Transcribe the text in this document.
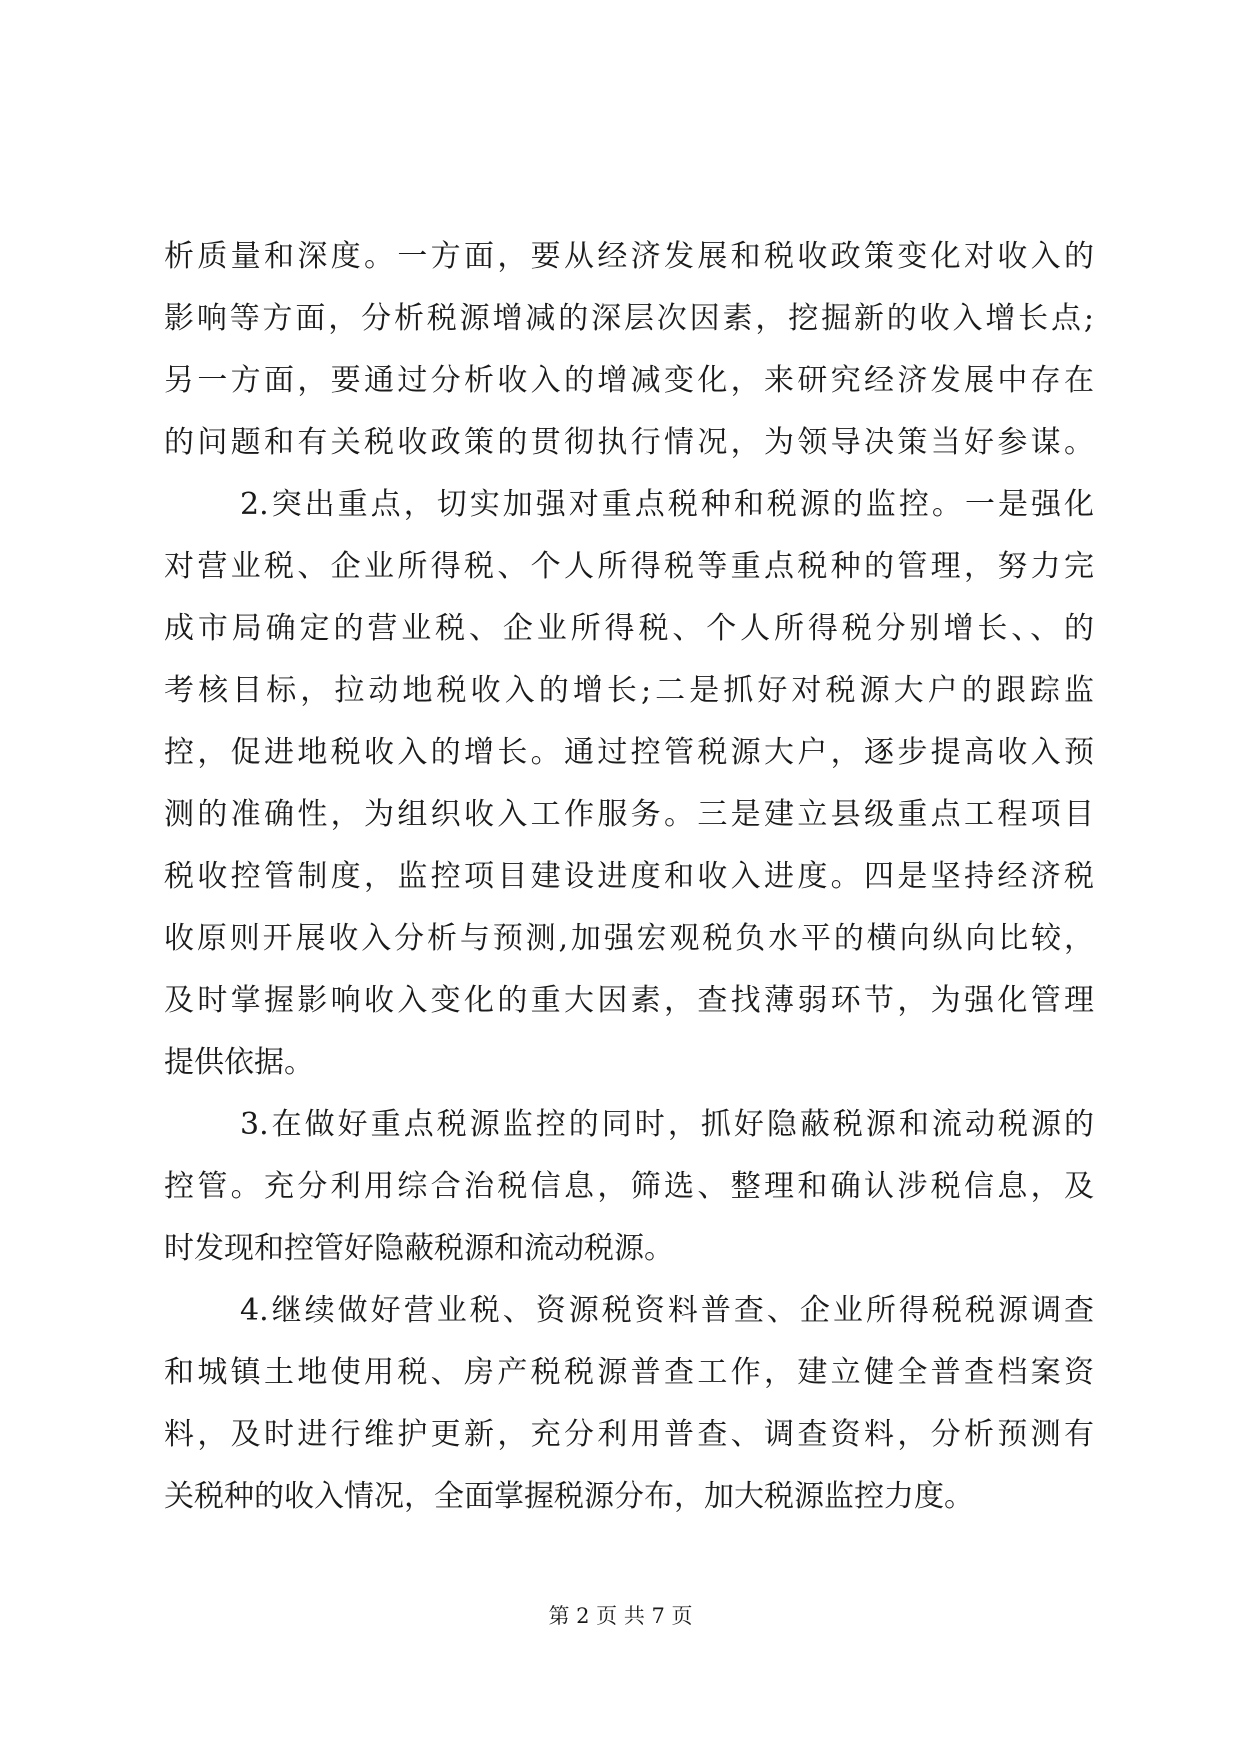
析质量和深度。一方面，要从经济发展和税收政策变化对收入的
影响等方面，分析税源增减的深层次因素，挖掘新的收入增长点;
另一方面，要通过分析收入的增减变化，来研究经济发展中存在
的问题和有关税收政策的贯彻执行情况，为领导决策当好参谋。
2.突出重点，切实加强对重点税种和税源的监控。一是强化
对营业税、企业所得税、个人所得税等重点税种的管理，努力完
成市局确定的营业税、企业所得税、个人所得税分别增长、、的
考核目标，拉动地税收入的增长;二是抓好对税源大户的跟踪监
控，促进地税收入的增长。通过控管税源大户，逐步提高收入预
测的准确性，为组织收入工作服务。三是建立县级重点工程项目
税收控管制度，监控项目建设进度和收入进度。四是坚持经济税
收原则开展收入分析与预测,加强宏观税负水平的横向纵向比较，
及时掌握影响收入变化的重大因素，查找薄弱环节，为强化管理
提供依据。
3.在做好重点税源监控的同时，抓好隐蔽税源和流动税源的
控管。充分利用综合治税信息，筛选、整理和确认涉税信息，及
时发现和控管好隐蔽税源和流动税源。
4.继续做好营业税、资源税资料普查、企业所得税税源调查
和城镇土地使用税、房产税税源普查工作，建立健全普查档案资
料，及时进行维护更新，充分利用普查、调查资料，分析预测有
关税种的收入情况，全面掌握税源分布，加大税源监控力度。
第 2 页 共 7 页
